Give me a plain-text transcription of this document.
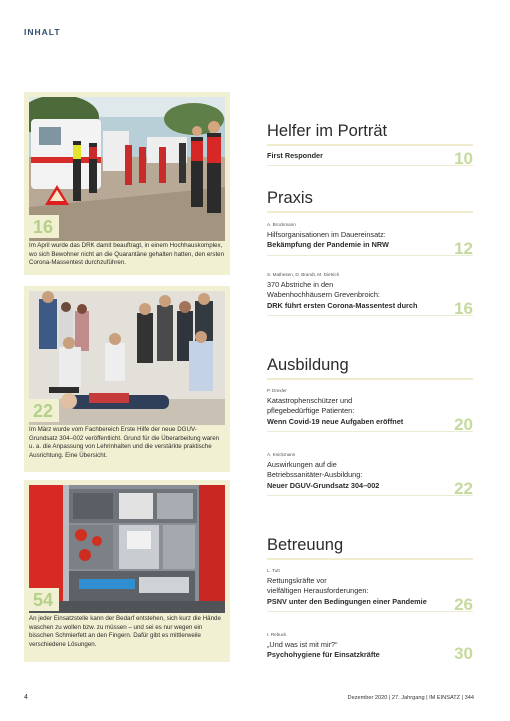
INHALT
16
Im April wurde das DRK damit beauftragt, in einem Hochhauskomplex, wo sich Bewohner nicht an die Quarantäne gehalten hatten, den ersten Corona-Massentest durchzuführen.
22
Im März wurde vom Fachbereich Erste Hilfe der neue DGUV-Grundsatz 304–002 veröffentlicht. Grund für die Überarbeitung waren u. a. die Anpassung von Lehrinhalten und die verstärkte praktische Ausrichtung. Eine Übersicht.
54
An jeder Einsatzstelle kann der Bedarf entstehen, sich kurz die Hände waschen zu wollen bzw. zu müssen – und sei es nur wegen ein bisschen Schmierfett an den Fingern. Dafür gibt es mittlerweile verschiedene Lösungen.
Helfer im Porträt
First Responder	10
Praxis
A. Brockmann
Hilfsorganisationen im Dauereinsatz:
Bekämpfung der Pandemie in NRW	12
S. Mathesen, D. Brandt, M. Dietrich
370 Abstriche in den
Wabenhochhäusern Grevenbroich:
DRK führt ersten Corona-Massentest durch	16
Ausbildung
P. Drexler
Katastrophenschützer und
pflegebedürftige Patienten:
Wenn Covid-19 neue Aufgaben eröffnet	20
A. Knickmann
Auswirkungen auf die
Betriebssanitäter-Ausbildung:
Neuer DGUV-Grundsatz 304–002	22
Betreuung
L. Tutt
Rettungskräfte vor
vielfältigen Herausforderungen:
PSNV unter den Bedingungen einer Pandemie	26
I. Rebuck
„Und was ist mit mir?“
Psychohygiene für Einsatzkräfte	30
4	Dezember 2020 | 27. Jahrgang | IM EINSATZ | 344
